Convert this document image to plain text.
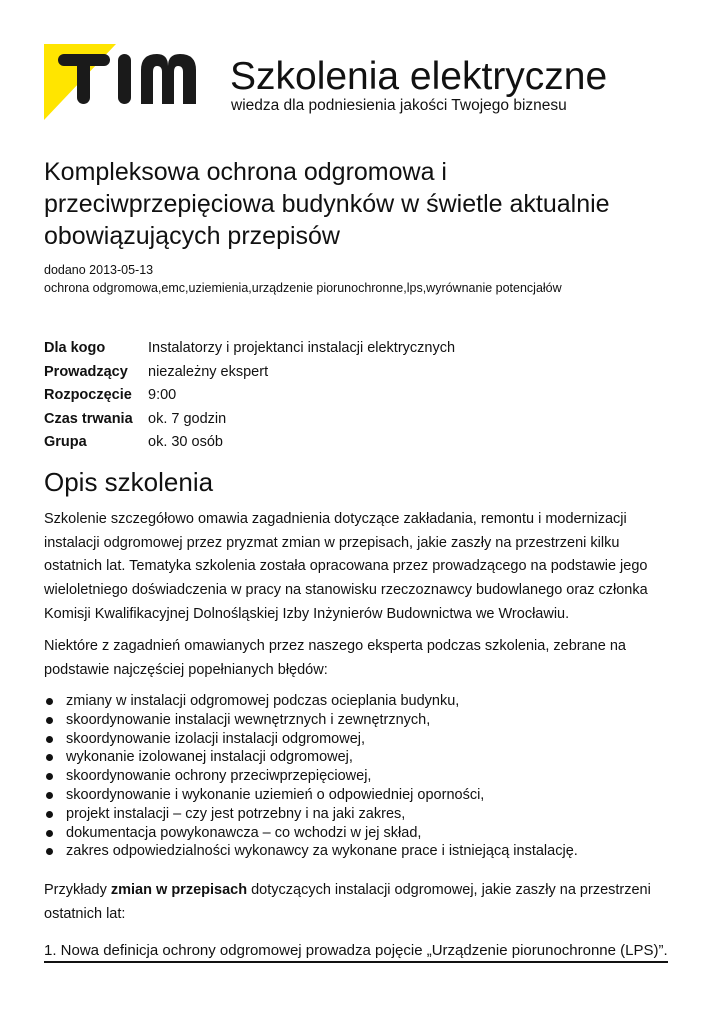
Szkolenia elektryczne
wiedza dla podniesienia jakości Twojego biznesu
Kompleksowa ochrona odgromowa i przeciwprzepięciowa budynków w świetle aktualnie obowiązujących przepisów
dodano 2013-05-13
ochrona odgromowa,emc,uziemienia,urządzenie piorunochronne,lps,wyrównanie potencjałów
Dla kogo	Instalatorzy i projektanci instalacji elektrycznych
Prowadzący	niezależny ekspert
Rozpoczęcie	9:00
Czas trwania	ok. 7 godzin
Grupa	ok. 30 osób
Opis szkolenia

Szkolenie szczegółowo omawia zagadnienia dotyczące zakładania, remontu i modernizacji instalacji odgromowej przez pryzmat zmian w przepisach, jakie zaszły na przestrzeni kilku ostatnich lat. Tematyka szkolenia została opracowana przez prowadzącego na podstawie jego wieloletniego doświadczenia w pracy na stanowisku rzeczoznawcy budowlanego oraz członka Komisji Kwalifikacyjnej Dolnośląskiej Izby Inżynierów Budownictwa we Wrocławiu.

Niektóre z zagadnień omawianych przez naszego eksperta podczas szkolenia, zebrane na podstawie najczęściej popełnianych błędów:

zmiany w instalacji odgromowej podczas ocieplania budynku,
skoordynowanie instalacji wewnętrznych i zewnętrznych,
skoordynowanie izolacji instalacji odgromowej,
wykonanie izolowanej instalacji odgromowej,
skoordynowanie ochrony przeciwprzepięciowej,
skoordynowanie i wykonanie uziemień o odpowiedniej oporności,
projekt instalacji – czy jest potrzebny i na jaki zakres,
dokumentacja powykonawcza – co wchodzi w jej skład,
zakres odpowiedzialności wykonawcy za wykonane prace i istniejącą instalację.

Przykłady zmian w przepisach dotyczących instalacji odgromowej, jakie zaszły na przestrzeni ostatnich lat:

1. Nowa definicja ochrony odgromowej prowadza pojęcie „Urządzenie piorunochronne (LPS)”.
